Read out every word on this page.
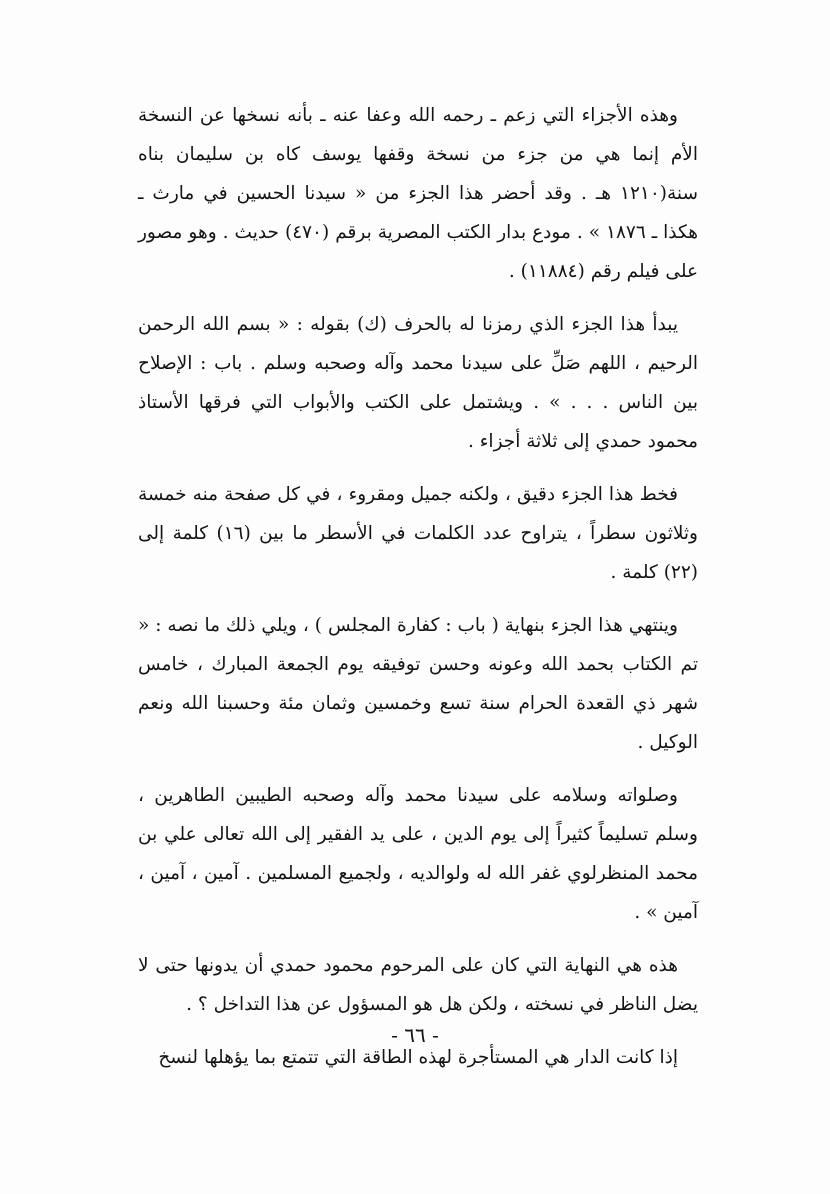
وهذه الأجزاء التي زعم ـ رحمه الله وعفا عنه ـ بأنه نسخها عن النسخة الأم إنما هي من جزء من نسخة وقفها يوسف كاه بن سليمان بناه سنة(١٢١٠ هـ . وقد أحضر هذا الجزء من « سيدنا الحسين في مارث ـ هكذا ـ ١٨٧٦ » . مودع بدار الكتب المصرية برقم (٤٧٠) حديث . وهو مصور على فيلم رقم (١١٨٨٤) .

يبدأ هذا الجزء الذي رمزنا له بالحرف (ك) بقوله : « بسم الله الرحمن الرحيم ، اللهم صَلِّ على سيدنا محمد وآله وصحبه وسلم . باب : الإصلاح بين الناس . . . » . ويشتمل على الكتب والأبواب التي فرقها الأستاذ محمود حمدي إلى ثلاثة أجزاء .

فخط هذا الجزء دقيق ، ولكنه جميل ومقروء ، في كل صفحة منه خمسة وثلاثون سطراً ، يتراوح عدد الكلمات في الأسطر ما بين (١٦) كلمة إلى (٢٢) كلمة .

وينتهي هذا الجزء بنهاية ( باب : كفارة المجلس ) ، ويلي ذلك ما نصه : « تم الكتاب بحمد الله وعونه وحسن توفيقه يوم الجمعة المبارك ، خامس شهر ذي القعدة الحرام سنة تسع وخمسين وثمان مئة وحسبنا الله ونعم الوكيل .

وصلواته وسلامه على سيدنا محمد وآله وصحبه الطيبين الطاهرين ، وسلم تسليماً كثيراً إلى يوم الدين ، على يد الفقير إلى الله تعالى علي بن محمد المنظرلوي غفر الله له ولوالديه ، ولجميع المسلمين . آمين ، آمين ، آمين » .

هذه هي النهاية التي كان على المرحوم محمود حمدي أن يدونها حتى لا يضل الناظر في نسخته ، ولكن هل هو المسؤول عن هذا التداخل ؟ .

إذا كانت الدار هي المستأجرة لهذه الطاقة التي تتمتع بما يؤهلها لنسخ

- ٦٦ -
